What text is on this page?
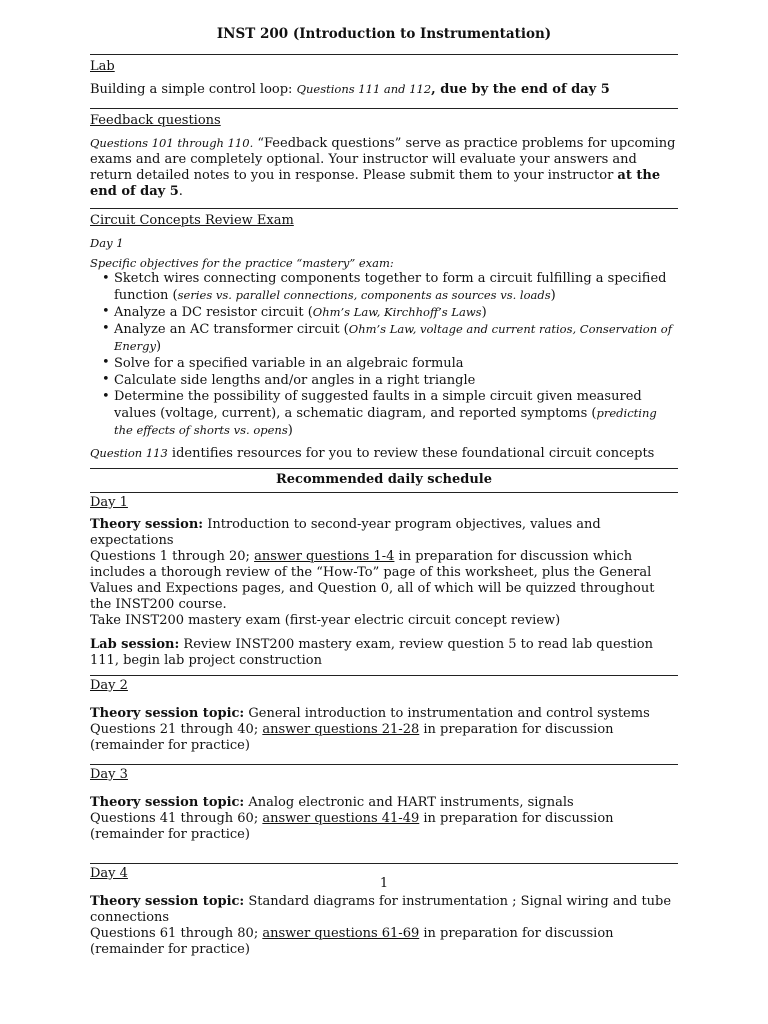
INST 200 (Introduction to Instrumentation)
Lab

Building a simple control loop: Questions 111 and 112, due by the end of day 5

Feedback questions

Questions 101 through 110. “Feedback questions” serve as practice problems for upcoming exams and are completely optional. Your instructor will evaluate your answers and return detailed notes to you in response. Please submit them to your instructor at the end of day 5.

Circuit Concepts Review Exam
Day 1
Specific objectives for the practice “mastery” exam:
• Sketch wires connecting components together to form a circuit fulfilling a specified function (series vs. parallel connections, components as sources vs. loads)
• Analyze a DC resistor circuit (Ohm’s Law, Kirchhoff’s Laws)
• Analyze an AC transformer circuit (Ohm’s Law, voltage and current ratios, Conservation of Energy)
• Solve for a specified variable in an algebraic formula
• Calculate side lengths and/or angles in a right triangle
• Determine the possibility of suggested faults in a simple circuit given measured values (voltage, current), a schematic diagram, and reported symptoms (predicting the effects of shorts vs. opens)

Question 113 identifies resources for you to review these foundational circuit concepts

Recommended daily schedule
Day 1

Theory session: Introduction to second-year program objectives, values and expectations

Questions 1 through 20; answer questions 1-4 in preparation for discussion which includes a thorough review of the “How-To” page of this worksheet, plus the General Values and Expections pages, and Question 0, all of which will be quizzed throughout the INST200 course.

Take INST200 mastery exam (first-year electric circuit concept review)

Lab session: Review INST200 mastery exam, review question 5 to read lab question 111, begin lab project construction

Day 2

Theory session topic: General introduction to instrumentation and control systems

Questions 21 through 40; answer questions 21-28 in preparation for discussion (remainder for practice)

Day 3

Theory session topic: Analog electronic and HART instruments, signals

Questions 41 through 60; answer questions 41-49 in preparation for discussion (remainder for practice)

Day 4

Theory session topic: Standard diagrams for instrumentation ; Signal wiring and tube connections

Questions 61 through 80; answer questions 61-69 in preparation for discussion (remainder for practice)

1
